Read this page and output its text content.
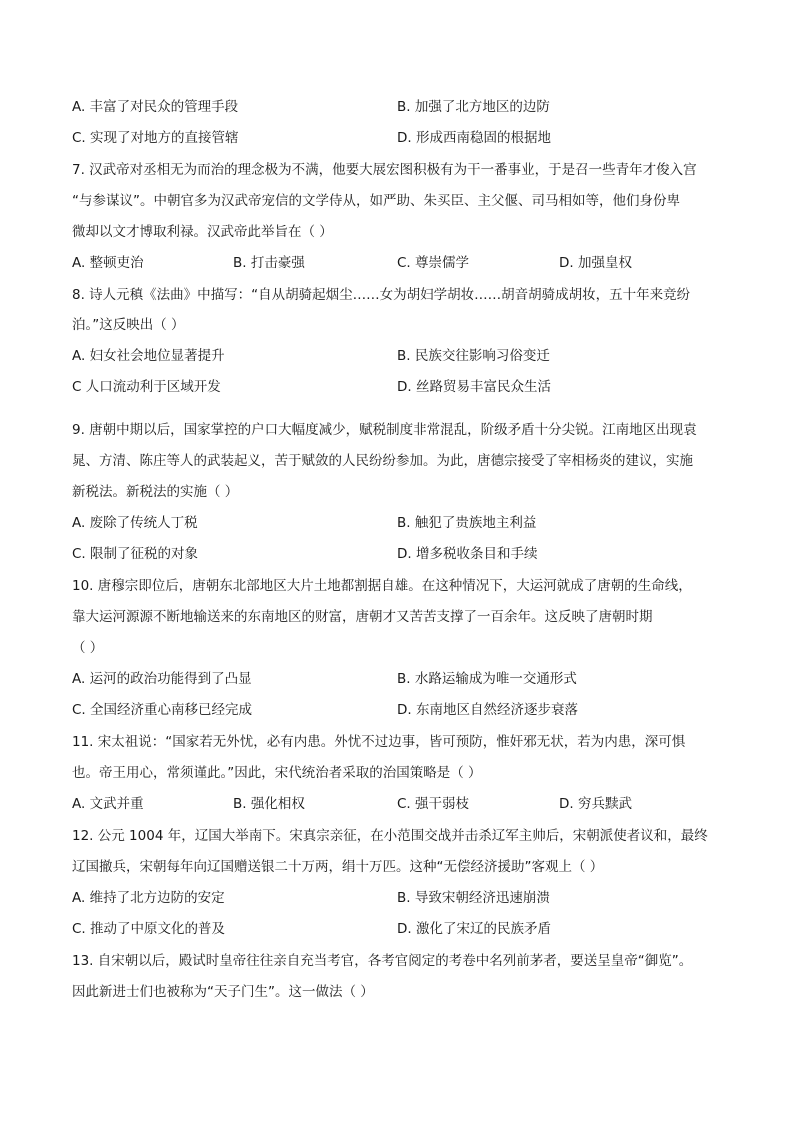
A. 丰富了对民众的管理手段	B. 加强了北方地区的边防
C. 实现了对地方的直接管辖	D. 形成西南稳固的根据地
7. 汉武帝对丞相无为而治的理念极为不满，他要大展宏图积极有为干一番事业，于是召一些青年才俊入宫
“与参谋议”。中朝官多为汉武帝宠信的文学侍从，如严助、朱买臣、主父偃、司马相如等，他们身份卑
微却以文才博取利禄。汉武帝此举旨在（ ）
A. 整顿吏治	B. 打击豪强	C. 尊崇儒学	D. 加强皇权
8. 诗人元稹《法曲》中描写：“自从胡骑起烟尘……女为胡妇学胡妆……胡音胡骑成胡妆，五十年来竞纷
泊。”这反映出（ ）
A. 妇女社会地位显著提升	B. 民族交往影响习俗变迁
C 人口流动利于区域开发	D. 丝路贸易丰富民众生活
9. 唐朝中期以后，国家掌控的户口大幅度减少，赋税制度非常混乱，阶级矛盾十分尖锐。江南地区出现袁
晁、方清、陈庄等人的武装起义，苦于赋敛的人民纷纷参加。为此，唐德宗接受了宰相杨炎的建议，实施
新税法。新税法的实施（ ）
A. 废除了传统人丁税	B. 触犯了贵族地主利益
C. 限制了征税的对象	D. 增多税收条目和手续
10. 唐穆宗即位后，唐朝东北部地区大片土地都割据自雄。在这种情况下，大运河就成了唐朝的生命线，
靠大运河源源不断地输送来的东南地区的财富，唐朝才又苦苦支撑了一百余年。这反映了唐朝时期
（ ）
A. 运河的政治功能得到了凸显	B. 水路运输成为唯一交通形式
C. 全国经济重心南移已经完成	D. 东南地区自然经济逐步衰落
11. 宋太祖说：“国家若无外忧，必有内患。外忧不过边事，皆可预防，惟奸邪无状，若为内患，深可惧
也。帝王用心，常须谨此。”因此，宋代统治者采取的治国策略是（ ）
A. 文武并重	B. 强化相权	C. 强干弱枝	D. 穷兵黩武
12. 公元 1004 年，辽国大举南下。宋真宗亲征，在小范围交战并击杀辽军主帅后，宋朝派使者议和，最终
辽国撤兵，宋朝每年向辽国赠送银二十万两，绢十万匹。这种“无偿经济援助”客观上（ ）
A. 维持了北方边防的安定	B. 导致宋朝经济迅速崩溃
C. 推动了中原文化的普及	D. 激化了宋辽的民族矛盾
13. 自宋朝以后，殿试时皇帝往往亲自充当考官，各考官阅定的考卷中名列前茅者，要送呈皇帝“御览”。
因此新进士们也被称为“天子门生”。这一做法（ ）
